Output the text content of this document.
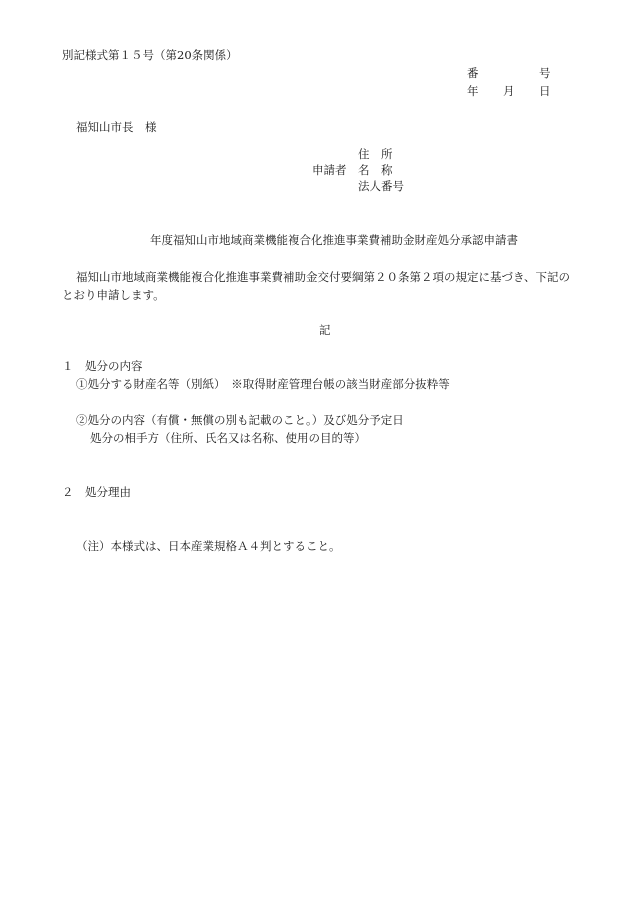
別記様式第１５号（第20条関係）
番	号
年 月 日
福知山市長　様
住　所
申請者 名　称
法人番号
年度福知山市地域商業機能複合化推進事業費補助金財産処分承認申請書
福知山市地域商業機能複合化推進事業費補助金交付要綱第２０条第２項の規定に基づき、下記の
とおり申請します。
記
１　処分の内容
①処分する財産名等（別紙）　※取得財産管理台帳の該当財産部分抜粋等
②処分の内容（有償・無償の別も記載のこと。）及び処分予定日
処分の相手方（住所、氏名又は名称、使用の目的等）
２　処分理由
（注）本様式は、日本産業規格Ａ４判とすること。
